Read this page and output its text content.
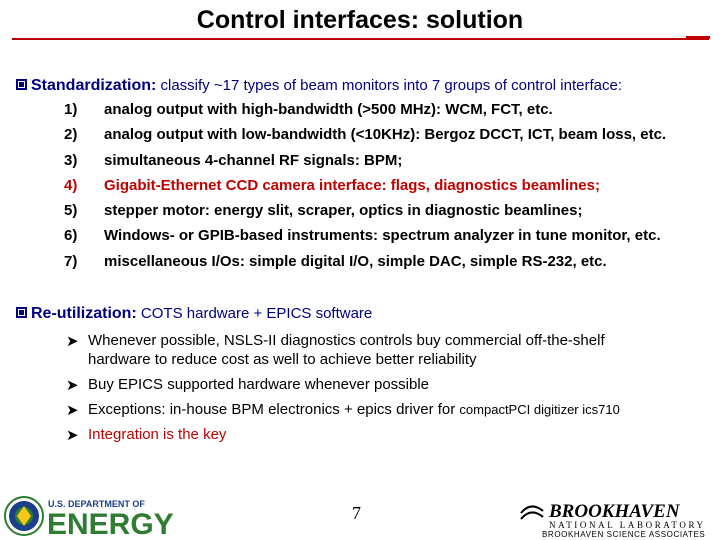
Control interfaces: solution
Standardization: classify ~17 types of beam monitors into 7 groups of control interface:
1)	analog output with high-bandwidth (>500 MHz): WCM, FCT, etc.
2)	analog output with low-bandwidth (<10KHz): Bergoz DCCT, ICT, beam loss, etc.
3)	simultaneous 4-channel RF signals: BPM;
4)	Gigabit-Ethernet CCD camera interface: flags, diagnostics beamlines;
5)	stepper motor: energy slit, scraper, optics in diagnostic beamlines;
6)	Windows- or GPIB-based instruments: spectrum analyzer in tune monitor, etc.
7)	miscellaneous I/Os: simple digital I/O, simple DAC, simple RS-232, etc.
Re-utilization: COTS hardware + EPICS software
➤ Whenever possible, NSLS-II diagnostics controls buy commercial off-the-shelf
hardware to reduce cost as well to achieve better reliability
➤ Buy EPICS supported hardware whenever possible
➤ Exceptions: in-house BPM electronics + epics driver for compactPCI digitizer ics710
➤ Integration is the key
7
U.S. DEPARTMENT OF
ENERGY	BROOKHAVEN
NATIONAL LABORATORY
BROOKHAVEN SCIENCE ASSOCIATES
